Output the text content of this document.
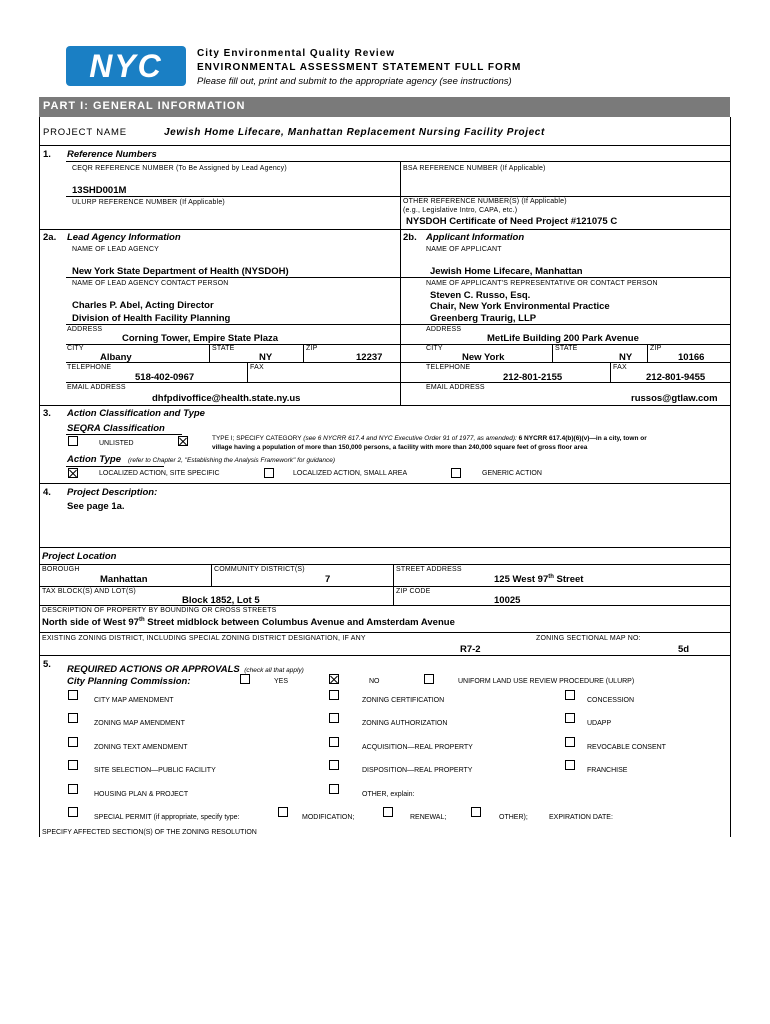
NYC	City Environmental Quality Review
ENVIRONMENTAL ASSESSMENT STATEMENT FULL FORM
Please fill out, print and submit to the appropriate agency (see instructions)
PART I: GENERAL INFORMATION
PROJECT NAME	Jewish Home Lifecare, Manhattan Replacement Nursing Facility Project
1. Reference Numbers
CEQR REFERENCE NUMBER (To Be Assigned by Lead Agency)	BSA REFERENCE NUMBER (If Applicable)
13SHD001M
ULURP REFERENCE NUMBER (If Applicable)	OTHER REFERENCE NUMBER(S) (If Applicable)
(e.g., Legislative Intro, CAPA, etc.)
NYSDOH Certificate of Need Project #121075 C
2a. Lead Agency Information
NAME OF LEAD AGENCY
New York State Department of Health (NYSDOH)
NAME OF LEAD AGENCY CONTACT PERSON
Charles P. Abel, Acting Director
Division of Health Facility Planning
ADDRESS
Corning Tower, Empire State Plaza
CITY
Albany
STATE
NY
ZIP
12237
TELEPHONE
518-402-0967
FAX
EMAIL ADDRESS
dhfpdivoffice@health.state.ny.us
2b. Applicant Information
NAME OF APPLICANT
Jewish Home Lifecare, Manhattan
NAME OF APPLICANT'S REPRESENTATIVE OR CONTACT PERSON
Steven C. Russo, Esq.
Chair, New York Environmental Practice
Greenberg Traurig, LLP
ADDRESS
MetLife Building 200 Park Avenue
CITY
New York
STATE
NY
ZIP
10166
TELEPHONE
212-801-2155
FAX
212-801-9455
EMAIL ADDRESS
russos@gtlaw.com
3. Action Classification and Type
SEQRA Classification
UNLISTED
TYPE I; SPECIFY CATEGORY (see 6 NYCRR 617.4 and NYC Executive Order 91 of 1977, as amended): 6 NYCRR 617.4(b)(6)(v)—in a city, town or
village having a population of more than 150,000 persons, a facility with more than 240,000 square feet of gross floor area
Action Type (refer to Chapter 2, "Establishing the Analysis Framework" for guidance)
LOCALIZED ACTION, SITE SPECIFIC	LOCALIZED ACTION, SMALL AREA	GENERIC ACTION
4. Project Description:
See page 1a.
Project Location
BOROUGH
Manhattan
COMMUNITY DISTRICT(S)
7
STREET ADDRESS
125 West 97th Street
TAX BLOCK(S) AND LOT(S)
Block 1852, Lot 5
ZIP CODE
10025
DESCRIPTION OF PROPERTY BY BOUNDING OR CROSS STREETS
North side of West 97th Street midblock between Columbus Avenue and Amsterdam Avenue
EXISTING ZONING DISTRICT, INCLUDING SPECIAL ZONING DISTRICT DESIGNATION, IF ANY	ZONING SECTIONAL MAP NO:
R7-2	5d
5. REQUIRED ACTIONS OR APPROVALS (check all that apply)
City Planning Commission:	YES	NO	UNIFORM LAND USE REVIEW PROCEDURE (ULURP)
CITY MAP AMENDMENT	ZONING CERTIFICATION	CONCESSION
ZONING MAP AMENDMENT	ZONING AUTHORIZATION	UDAPP
ZONING TEXT AMENDMENT	ACQUISITION—REAL PROPERTY	REVOCABLE CONSENT
SITE SELECTION—PUBLIC FACILITY	DISPOSITION—REAL PROPERTY	FRANCHISE
HOUSING PLAN & PROJECT	OTHER, explain:
SPECIAL PERMIT (if appropriate, specify type:	MODIFICATION;	RENEWAL;	OTHER);	EXPIRATION DATE:
SPECIFY AFFECTED SECTION(S) OF THE ZONING RESOLUTION
